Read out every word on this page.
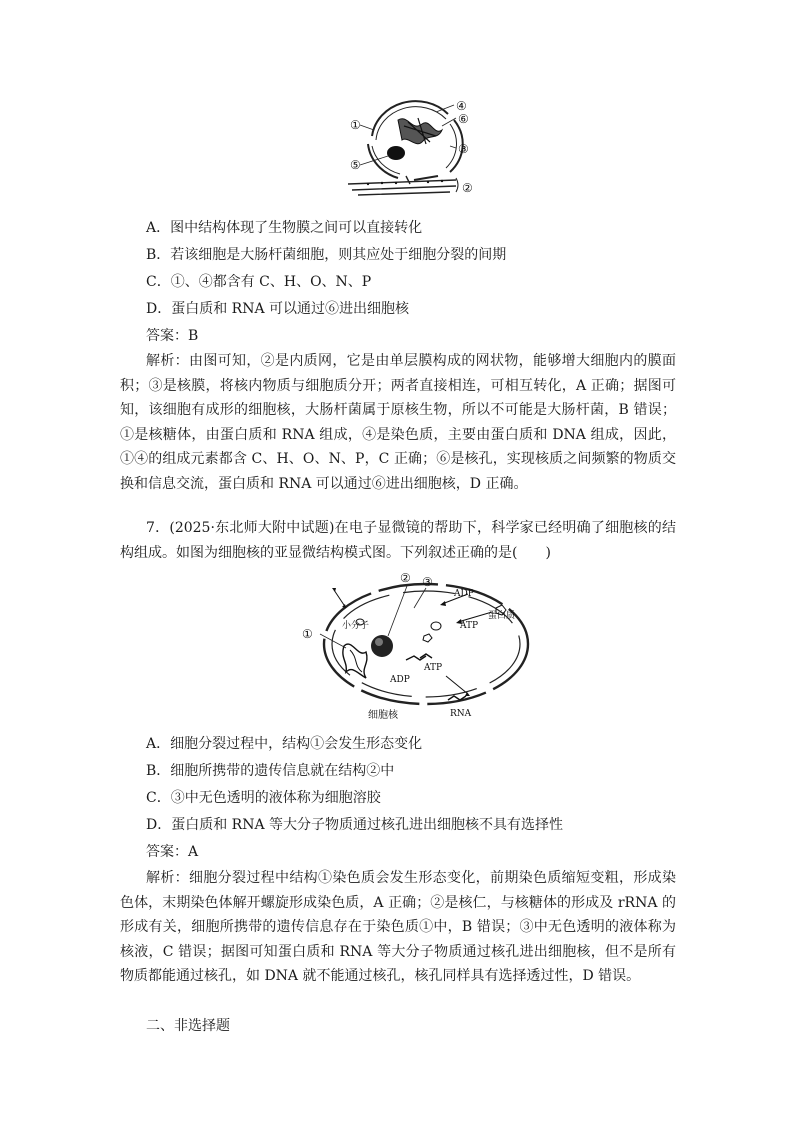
①
④
⑥
③
⑤
②
A．图中结构体现了生物膜之间可以直接转化
B．若该细胞是大肠杆菌细胞，则其应处于细胞分裂的间期
C．①、④都含有 C、H、O、N、P
D．蛋白质和 RNA 可以通过⑥进出细胞核
答案：B
解析：由图可知，②是内质网，它是由单层膜构成的网状物，能够增大细胞内的膜面积；③是核膜，将核内物质与细胞质分开；两者直接相连，可相互转化，A 正确；据图可知，该细胞有成形的细胞核，大肠杆菌属于原核生物，所以不可能是大肠杆菌，B 错误；①是核糖体，由蛋白质和 RNA 组成，④是染色质，主要由蛋白质和 DNA 组成，因此，①④的组成元素都含 C、H、O、N、P，C 正确；⑥是核孔，实现核质之间频繁的物质交换和信息交流，蛋白质和 RNA 可以通过⑥进出细胞核，D 正确。
7．(2025·东北师大附中试题)在电子显微镜的帮助下，科学家已经明确了细胞核的结构组成。如图为细胞核的亚显微结构模式图。下列叙述正确的是(　　)
② ③
①
ADP
蛋白质
ATP
小分子
ATP
ADP
RNA
细胞核
A．细胞分裂过程中，结构①会发生形态变化
B．细胞所携带的遗传信息就在结构②中
C．③中无色透明的液体称为细胞溶胶
D．蛋白质和 RNA 等大分子物质通过核孔进出细胞核不具有选择性
答案：A
解析：细胞分裂过程中结构①染色质会发生形态变化，前期染色质缩短变粗，形成染色体，末期染色体解开螺旋形成染色质，A 正确；②是核仁，与核糖体的形成及 rRNA 的形成有关，细胞所携带的遗传信息存在于染色质①中，B 错误；③中无色透明的液体称为核液，C 错误；据图可知蛋白质和 RNA 等大分子物质通过核孔进出细胞核，但不是所有物质都能通过核孔，如 DNA 就不能通过核孔，核孔同样具有选择透过性，D 错误。
二、非选择题
